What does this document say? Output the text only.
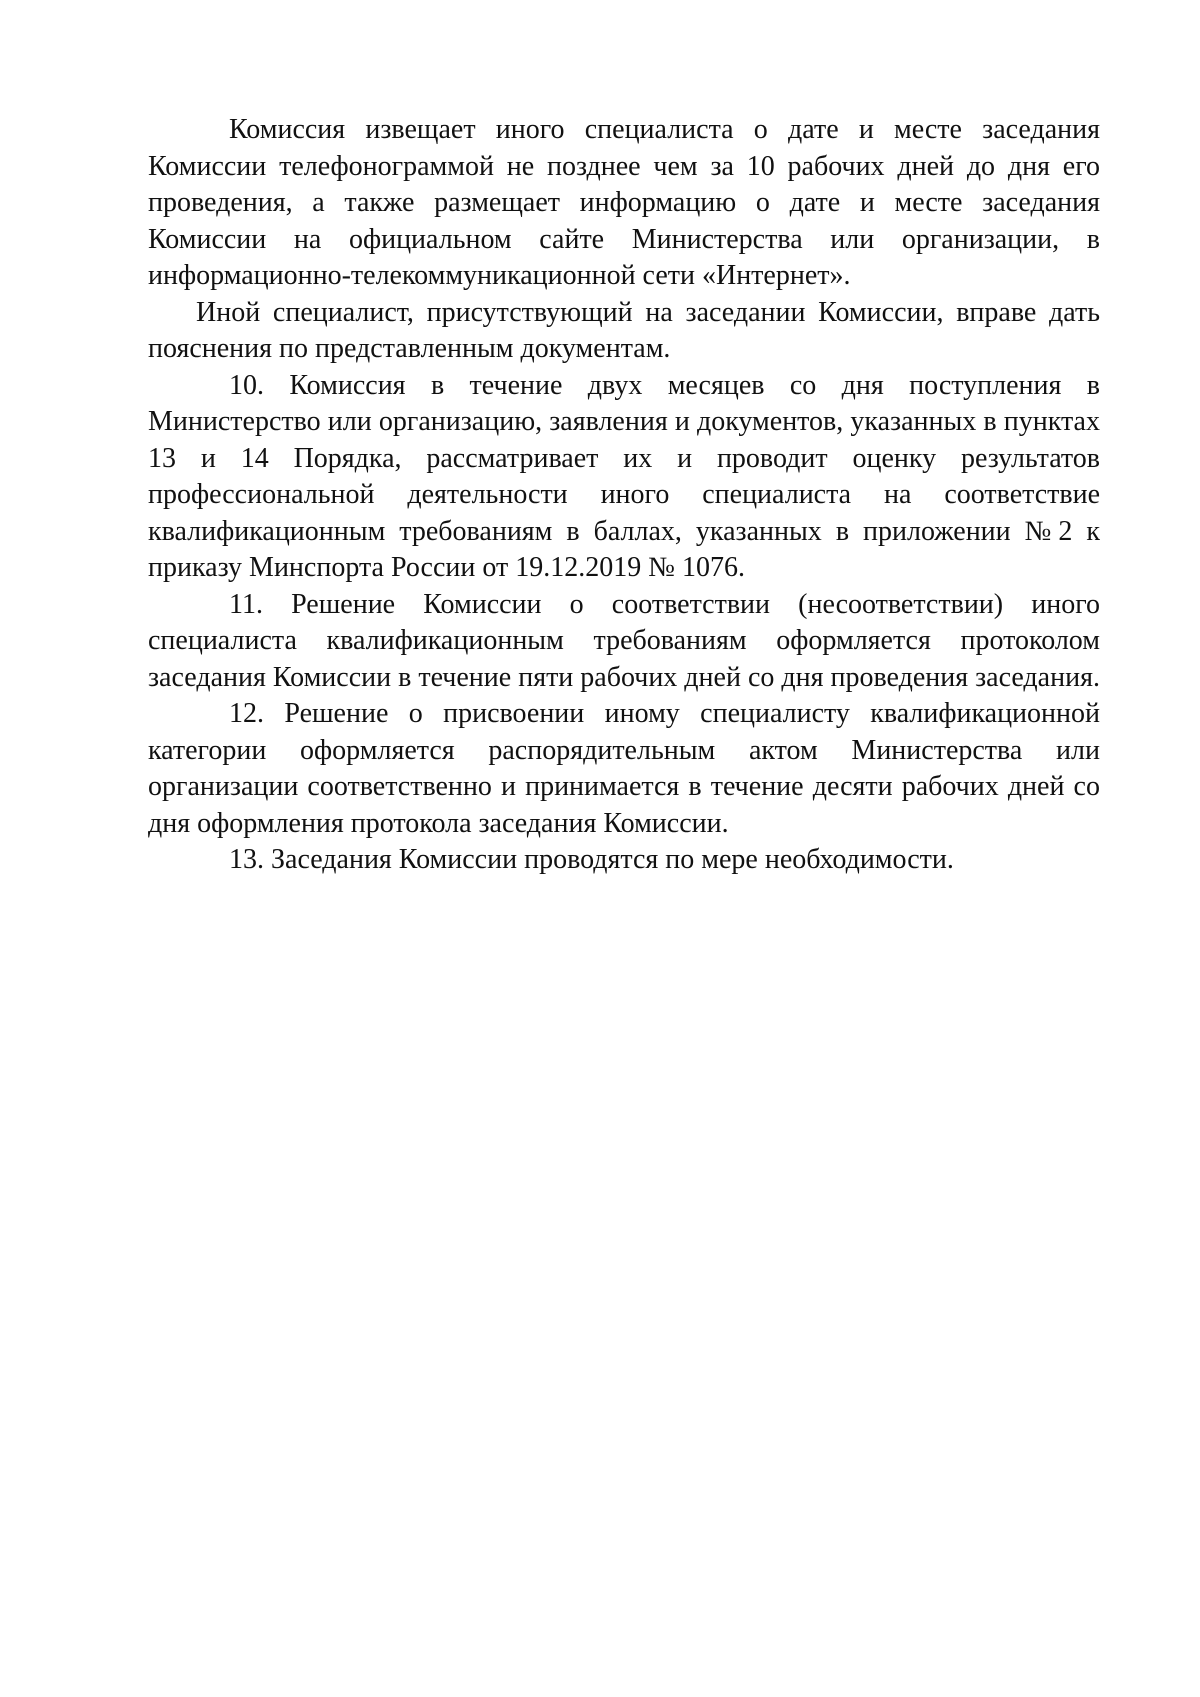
Комиссия извещает иного специалиста о дате и месте заседания Комиссии телефонограммой не позднее чем за 10 рабочих дней до дня его проведения, а также размещает информацию о дате и месте заседания Комиссии на официальном сайте Министерства или организации, в информационно-телекоммуникационной сети «Интернет».

Иной специалист, присутствующий на заседании Комиссии, вправе дать пояснения по представленным документам.

10. Комиссия в течение двух месяцев со дня поступления в Министерство или организацию, заявления и документов, указанных в пунктах 13 и 14 Порядка, рассматривает их и проводит оценку результатов профессиональной деятельности иного специалиста на соответствие квалификационным требованиям в баллах, указанных в приложении №2 к приказу Минспорта России от 19.12.2019 № 1076.

11. Решение Комиссии о соответствии (несоответствии) иного специалиста квалификационным требованиям оформляется протоколом заседания Комиссии в течение пяти рабочих дней со дня проведения заседания.

12. Решение о присвоении иному специалисту квалификационной категории оформляется распорядительным актом Министерства или организации соответственно и принимается в течение десяти рабочих дней со дня оформления протокола заседания Комиссии.

13. Заседания Комиссии проводятся по мере необходимости.
